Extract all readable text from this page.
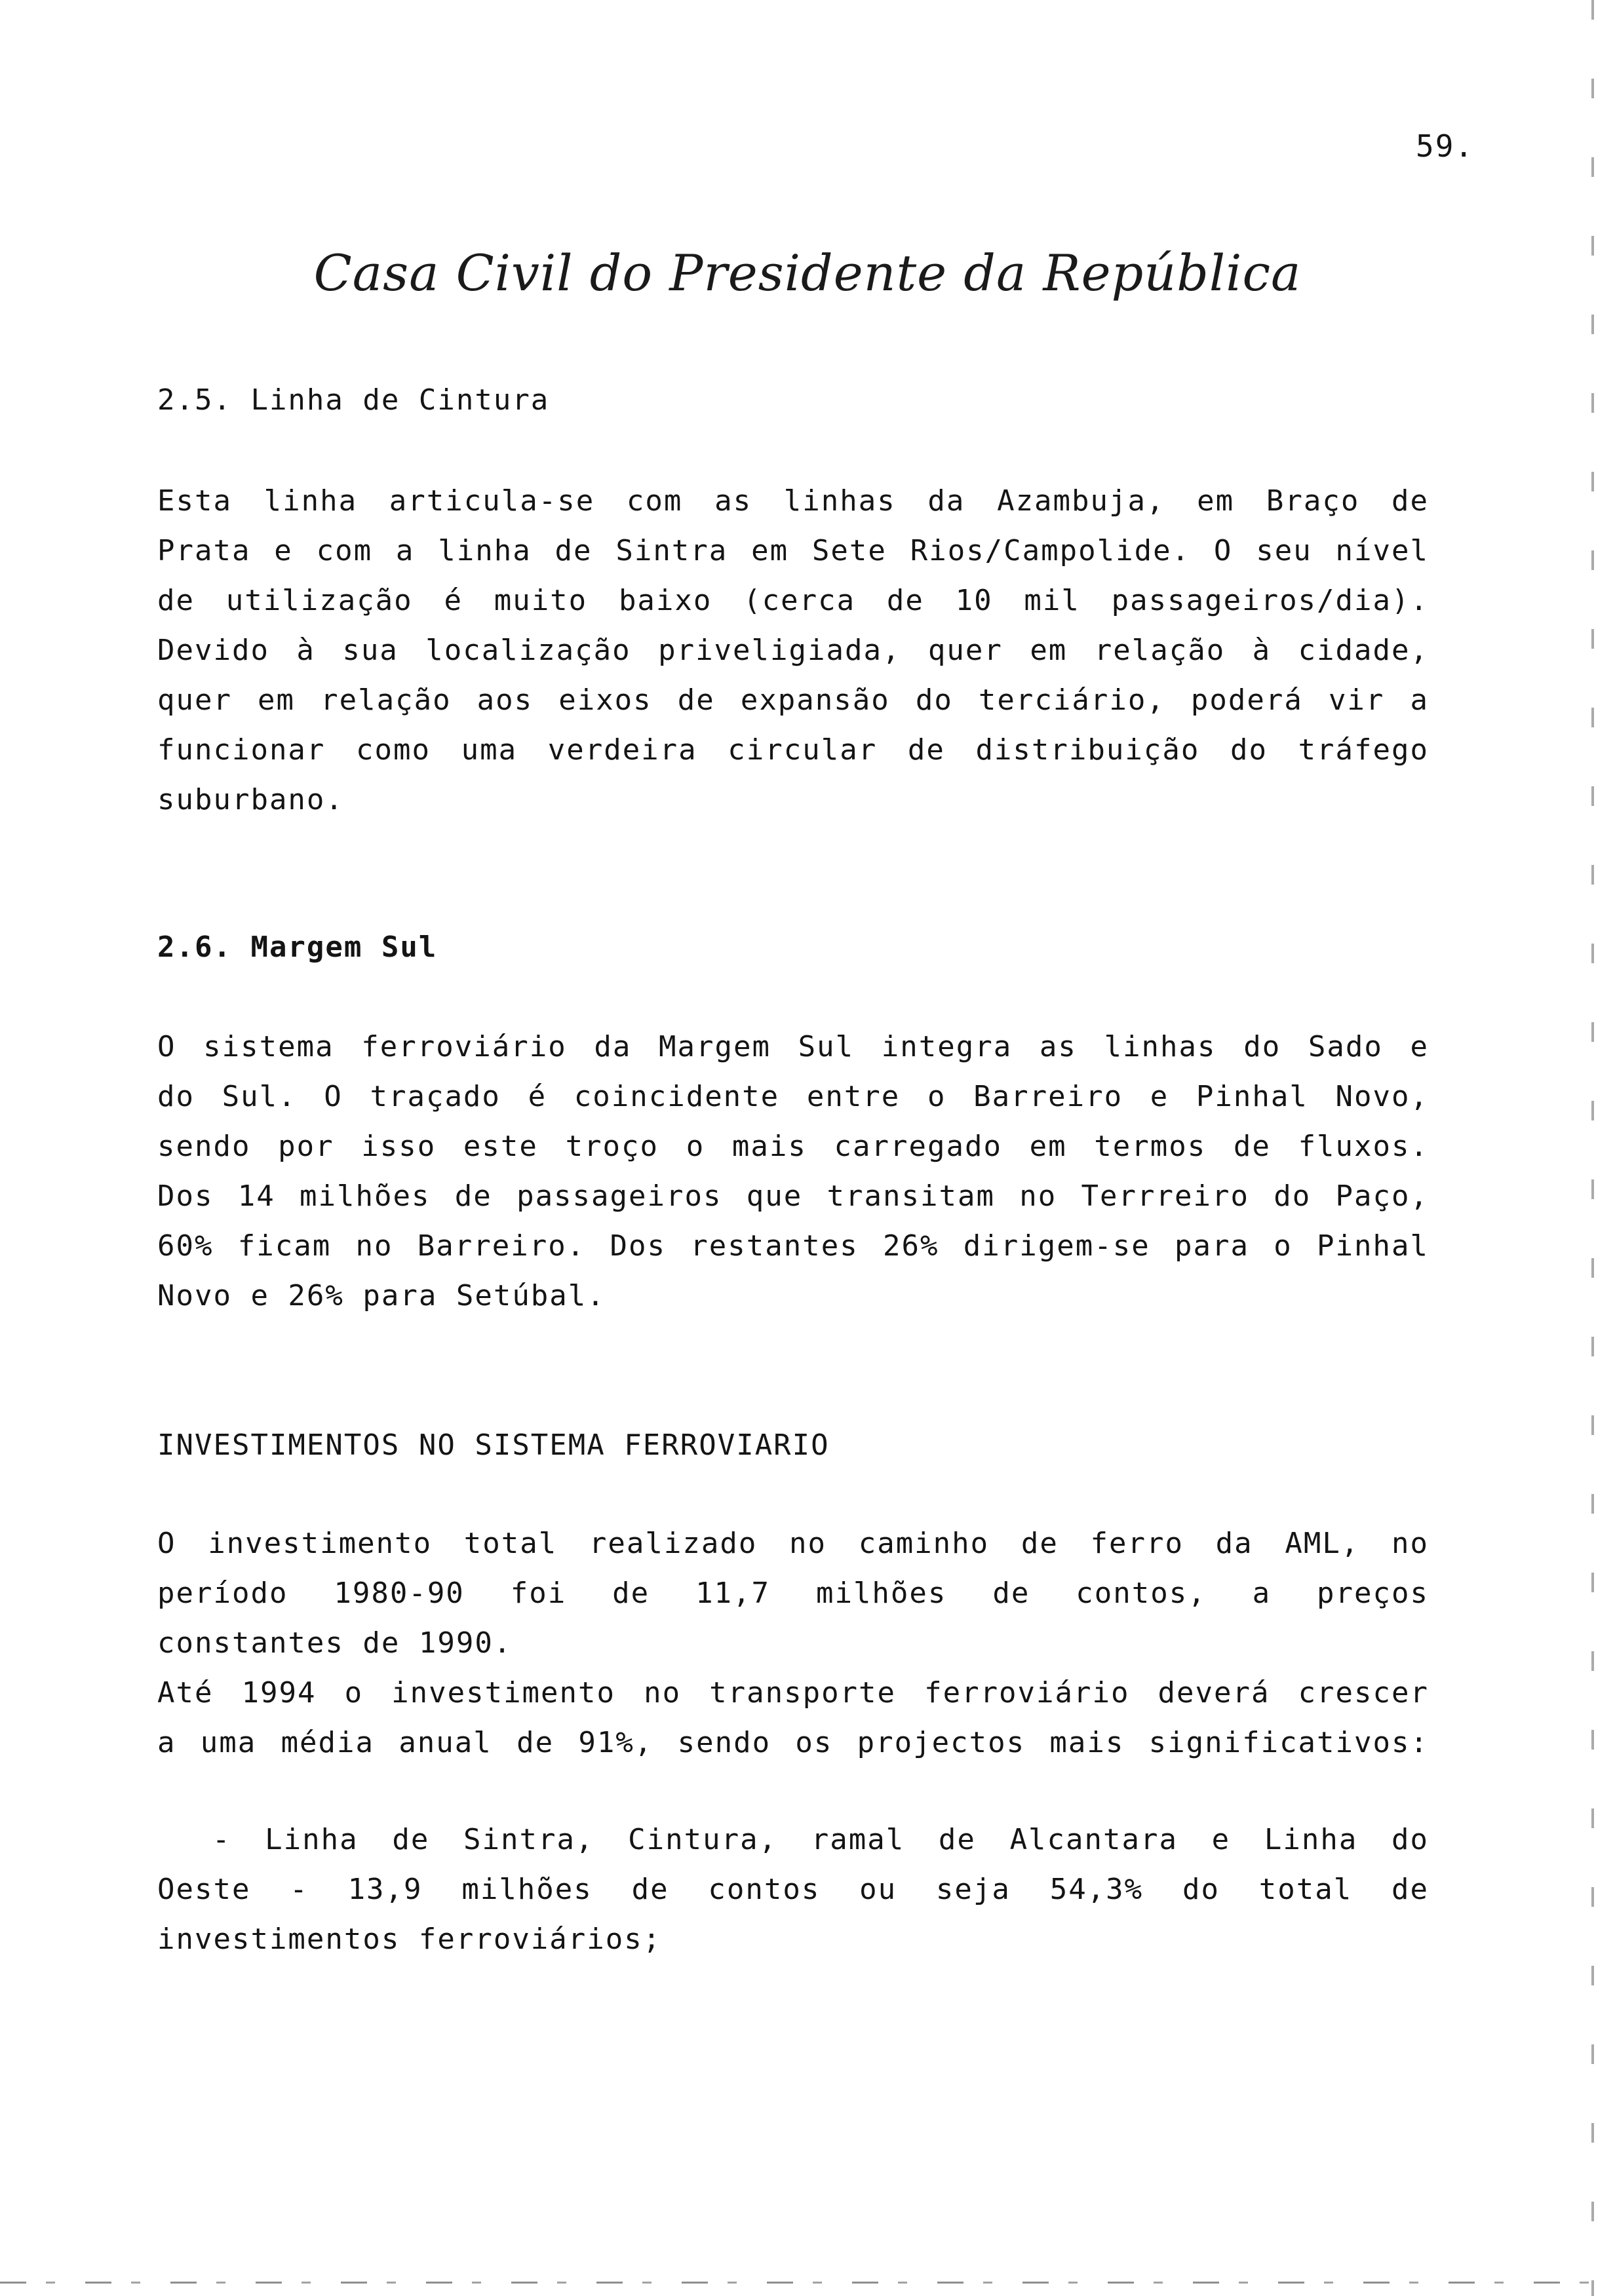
59.
Casa Civil do Presidente da República
2.5. Linha de Cintura
Esta linha articula-se com as linhas da Azambuja, em Braço de
Prata e com a linha de Sintra em Sete Rios/Campolide. O seu nível
de utilização é muito baixo (cerca de 10 mil passageiros/dia).
Devido à sua localização priveligiada, quer em relação à cidade,
quer em relação aos eixos de expansão do terciário, poderá vir a
funcionar como uma verdeira circular de distribuição do tráfego
suburbano.
2.6. Margem Sul
O sistema ferroviário da Margem Sul integra as linhas do Sado e
do Sul. O traçado é coincidente entre o Barreiro e Pinhal Novo,
sendo por isso este troço o mais carregado em termos de fluxos.
Dos 14 milhões de passageiros que transitam no Terrreiro do Paço,
60% ficam no Barreiro. Dos restantes 26% dirigem-se para o Pinhal
Novo e 26% para Setúbal.
INVESTIMENTOS NO SISTEMA FERROVIARIO
O investimento total realizado no caminho de ferro da AML, no
período 1980-90 foi de 11,7 milhões de contos, a preços
constantes de 1990.
Até 1994 o investimento no transporte ferroviário deverá crescer
a uma média anual de 91%, sendo os projectos mais significativos:
- Linha de Sintra, Cintura, ramal de Alcantara e Linha do
Oeste - 13,9 milhões de contos ou seja 54,3% do total de
investimentos ferroviários;
